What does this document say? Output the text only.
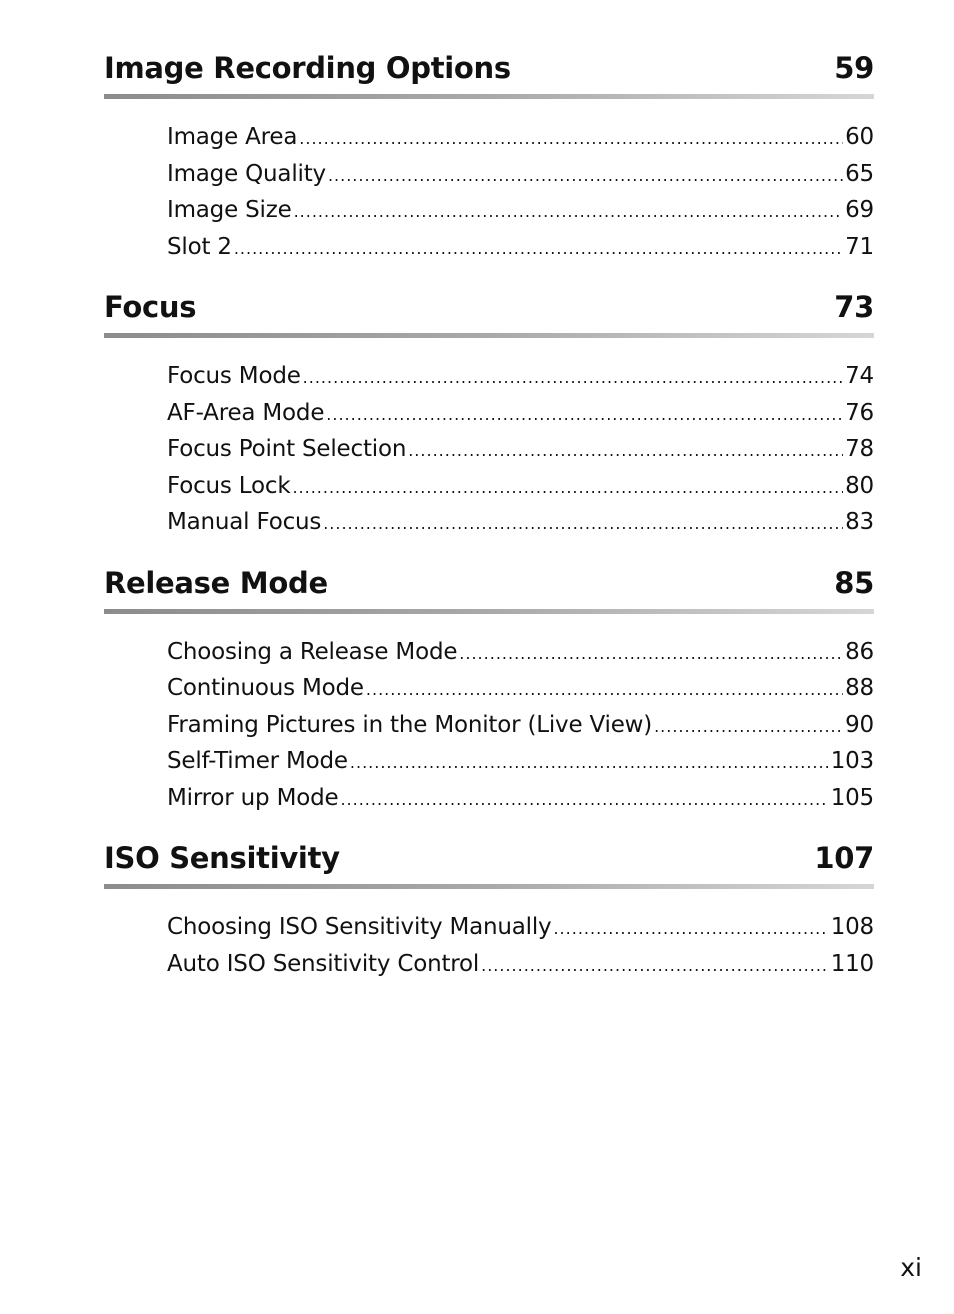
Image Recording Options	59
Image Area .....	60
Image Quality .....	65
Image Size .....	69
Slot 2 .....	71
Focus	73
Focus Mode .....	74
AF-Area Mode .....	76
Focus Point Selection .....	78
Focus Lock .....	80
Manual Focus .....	83
Release Mode	85
Choosing a Release Mode .....	86
Continuous Mode .....	88
Framing Pictures in the Monitor (Live View) .....	90
Self-Timer Mode .....	103
Mirror up Mode .....	105
ISO Sensitivity	107
Choosing ISO Sensitivity Manually .....	108
Auto ISO Sensitivity Control .....	110
xi
